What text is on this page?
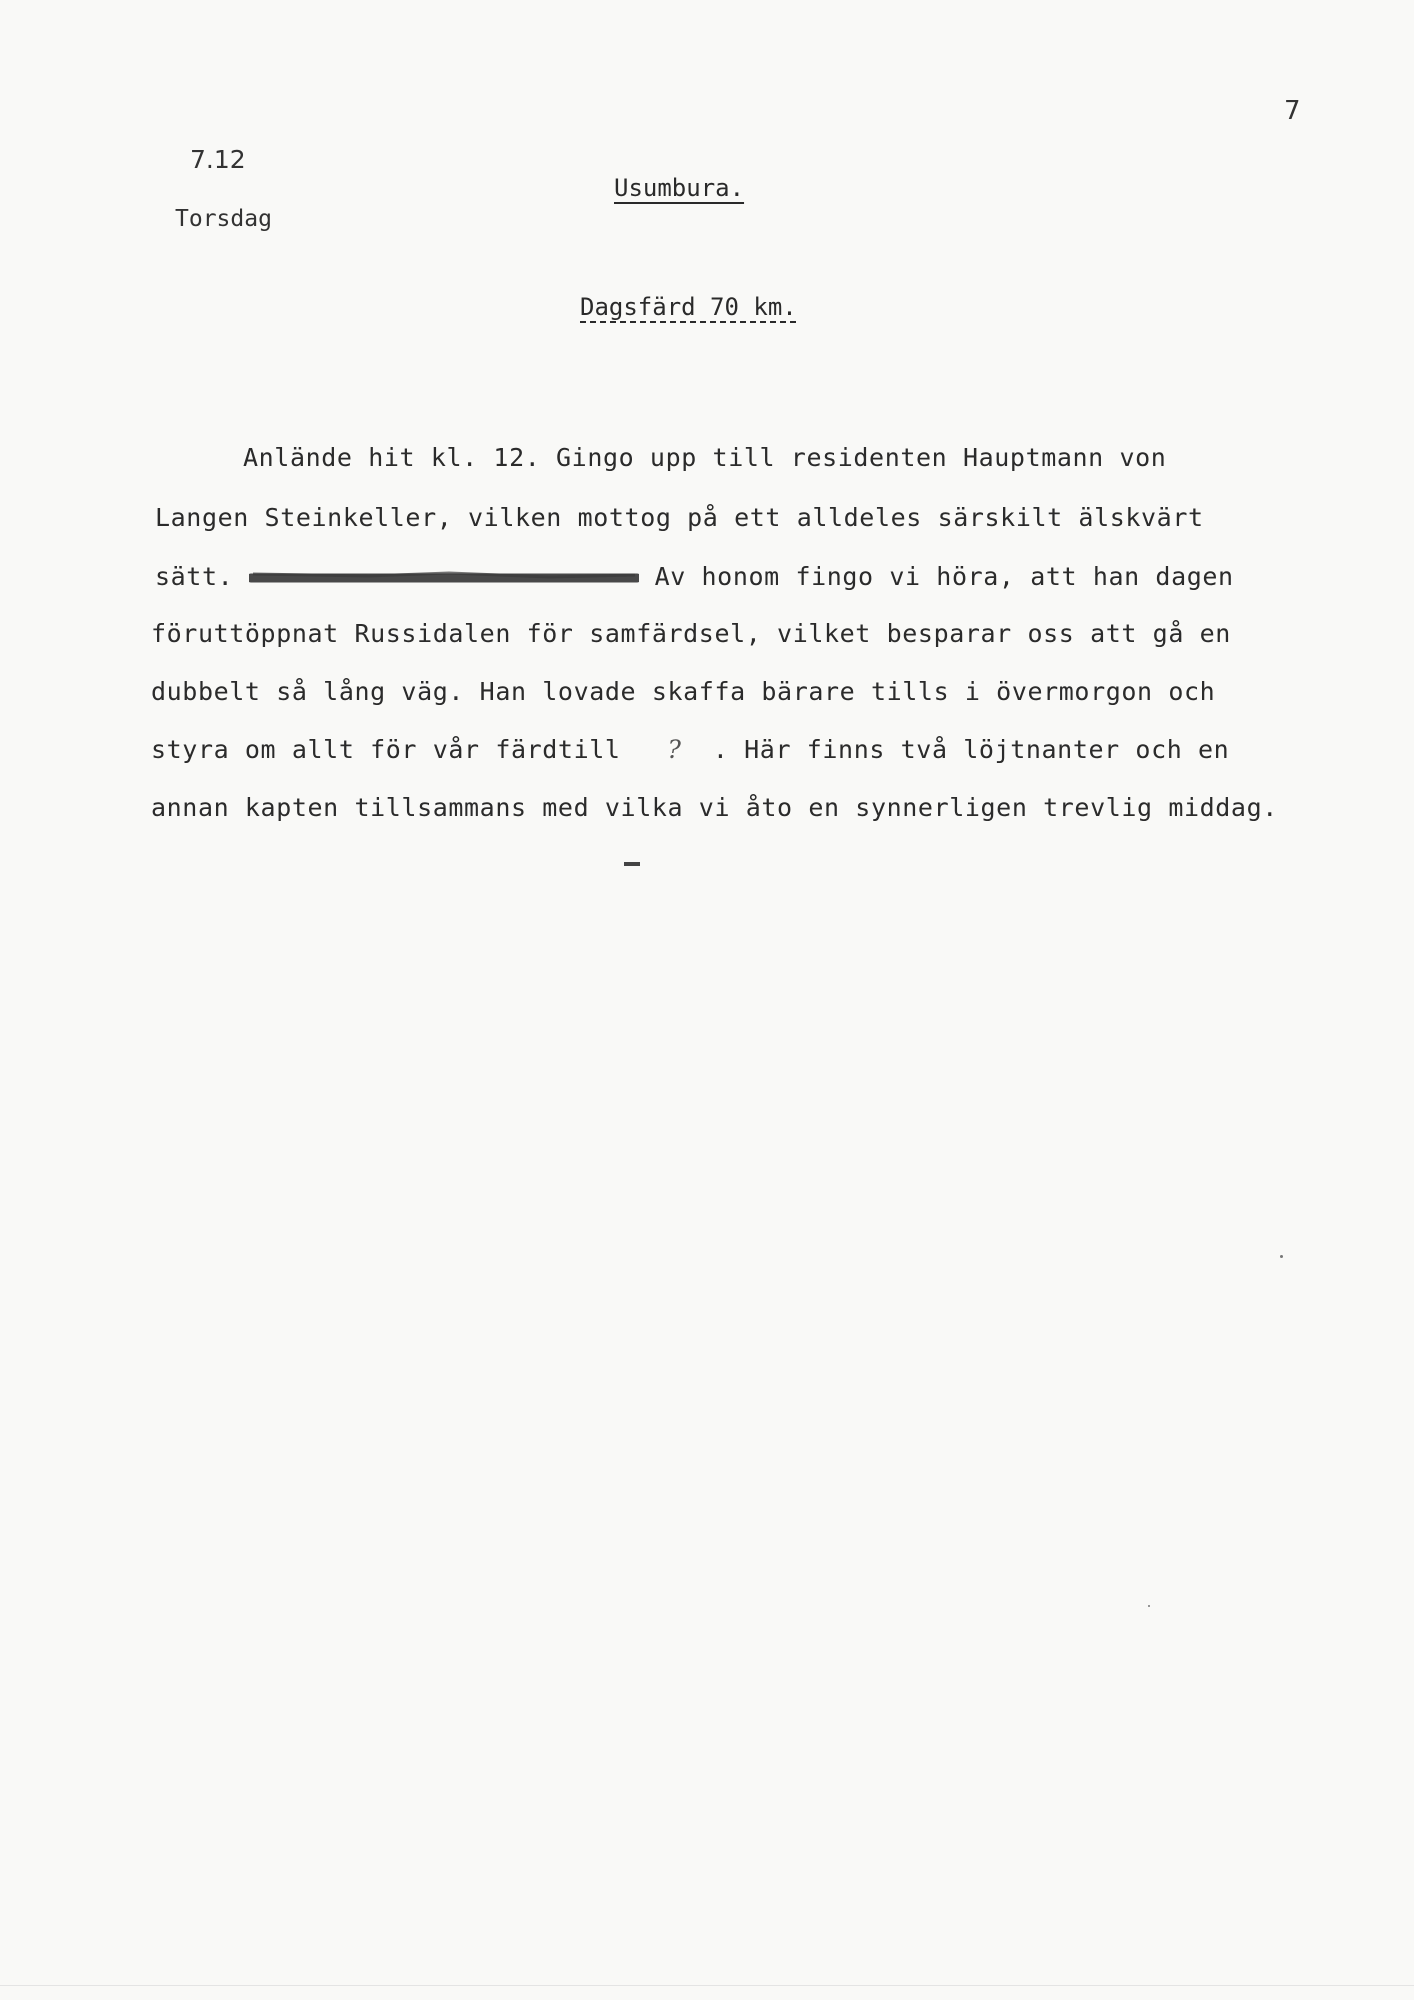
7
7.12
Torsdag
Usumbura.
Dagsfärd 70 km.
Anlände hit kl. 12. Gingo upp till residenten Hauptmann von
Langen Steinkeller, vilken mottog på ett alldeles särskilt älskvärt
sätt.	Av honom fingo vi höra, att han dagen
föruttöppnat Russidalen för samfärdsel, vilket besparar oss att gå en
dubbelt så lång väg. Han lovade skaffa bärare tills i övermorgon och
styra om allt för vår färdtill ? . Här finns två löjtnanter och en
annan kapten tillsammans med vilka vi åto en synnerligen trevlig middag.
